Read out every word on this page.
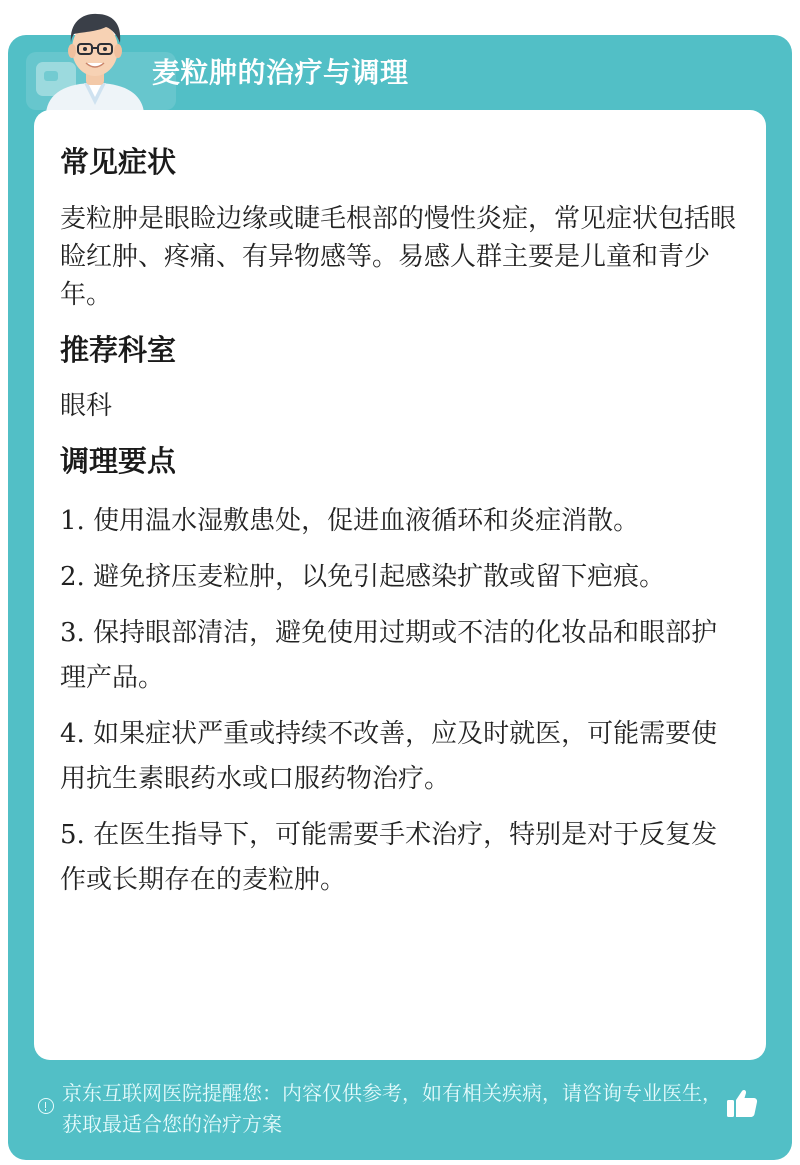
麦粒肿的治疗与调理
常见症状

麦粒肿是眼睑边缘或睫毛根部的慢性炎症，常见症状包括眼睑红肿、疼痛、有异物感等。易感人群主要是儿童和青少年。

推荐科室

眼科

调理要点
1. 使用温水湿敷患处，促进血液循环和炎症消散。
2. 避免挤压麦粒肿，以免引起感染扩散或留下疤痕。
3. 保持眼部清洁，避免使用过期或不洁的化妆品和眼部护理产品。
4. 如果症状严重或持续不改善，应及时就医，可能需要使用抗生素眼药水或口服药物治疗。
5. 在医生指导下，可能需要手术治疗，特别是对于反复发作或长期存在的麦粒肿。
京东互联网医院提醒您：内容仅供参考，如有相关疾病，请咨询专业医生，获取最适合您的治疗方案
